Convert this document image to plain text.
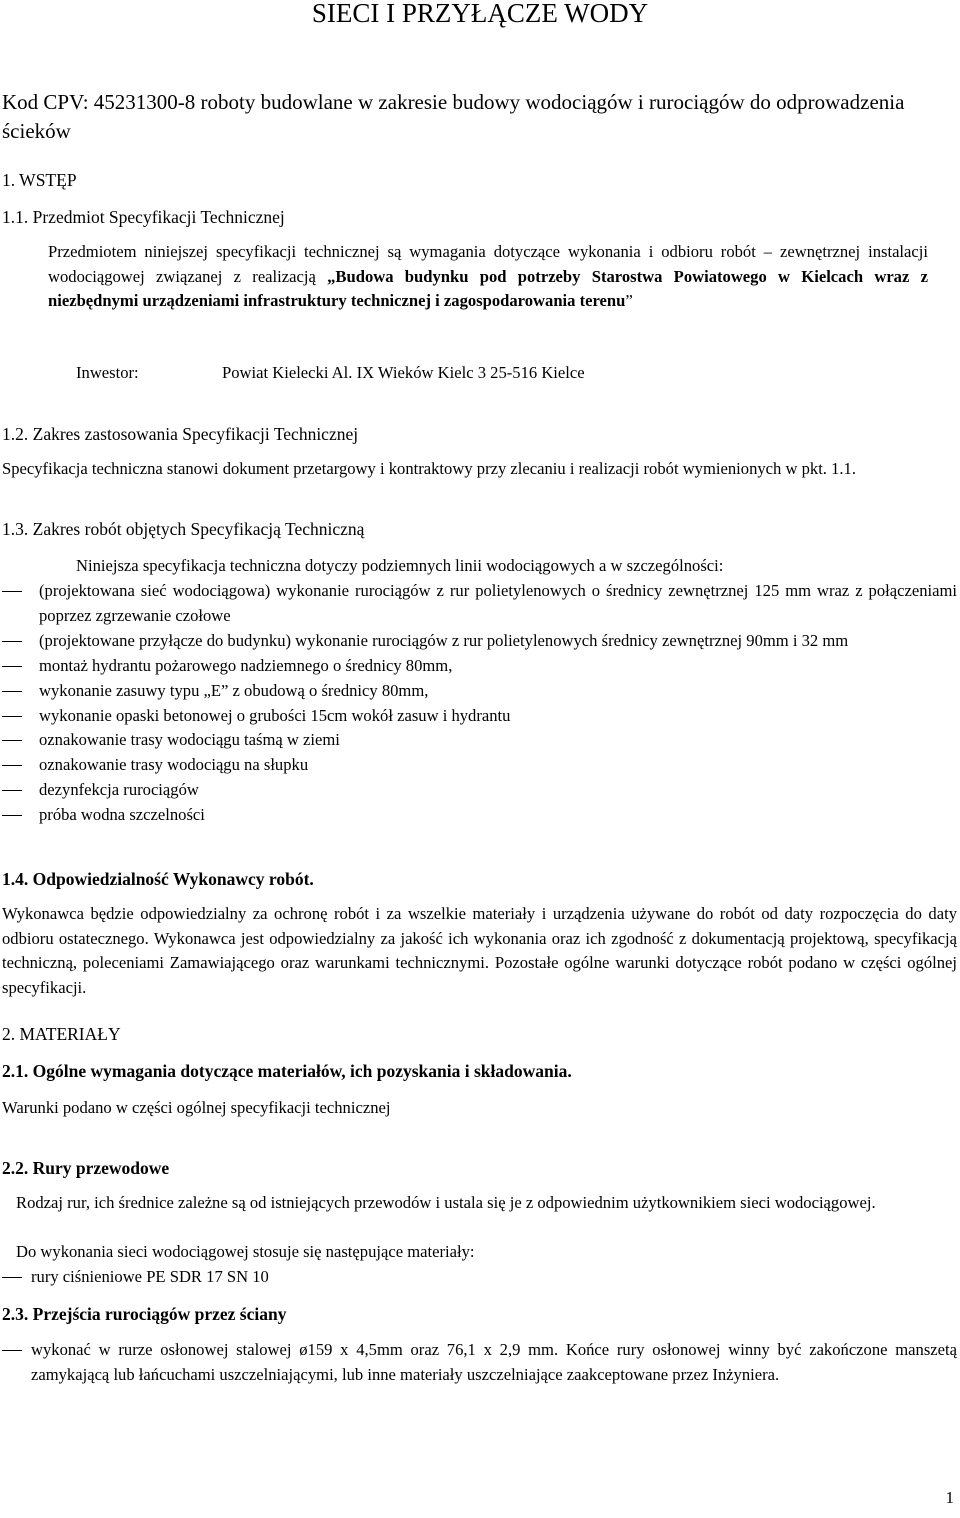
SIECI I PRZYŁĄCZE WODY
Kod CPV: 45231300-8 roboty budowlane w zakresie budowy wodociągów i rurociągów do odprowadzenia ścieków
1. WSTĘP
1.1. Przedmiot Specyfikacji Technicznej
Przedmiotem niniejszej specyfikacji technicznej są wymagania dotyczące wykonania i odbioru robót – zewnętrznej instalacji wodociągowej związanej z realizacją „Budowa budynku pod potrzeby Starostwa Powiatowego w Kielcach wraz z niezbędnymi urządzeniami infrastruktury technicznej i zagospodarowania terenu”
Inwestor:	Powiat Kielecki Al. IX Wieków Kielc 3 25-516 Kielce
1.2. Zakres zastosowania Specyfikacji Technicznej
Specyfikacja techniczna stanowi dokument przetargowy i kontraktowy przy zlecaniu i realizacji robót wymienionych w pkt. 1.1.
1.3. Zakres robót objętych Specyfikacją Techniczną
Niniejsza specyfikacja techniczna dotyczy podziemnych linii wodociągowych a w szczególności:
(projektowana sieć wodociągowa) wykonanie rurociągów z rur polietylenowych o średnicy zewnętrznej 125 mm wraz z połączeniami poprzez zgrzewanie czołowe
(projektowane przyłącze do budynku) wykonanie rurociągów z rur polietylenowych średnicy zewnętrznej 90mm i 32 mm
montaż hydrantu pożarowego nadziemnego o średnicy 80mm,
wykonanie zasuwy typu „E” z obudową o średnicy 80mm,
wykonanie opaski betonowej o grubości 15cm wokół zasuw i hydrantu
oznakowanie trasy wodociągu taśmą w ziemi
oznakowanie trasy wodociągu na słupku
dezynfekcja rurociągów
próba wodna szczelności
1.4. Odpowiedzialność Wykonawcy robót.
Wykonawca będzie odpowiedzialny za ochronę robót i za wszelkie materiały i urządzenia używane do robót od daty rozpoczęcia do daty odbioru ostatecznego. Wykonawca jest odpowiedzialny za jakość ich wykonania oraz ich zgodność z dokumentacją projektową, specyfikacją techniczną, poleceniami Zamawiającego oraz warunkami technicznymi. Pozostałe ogólne warunki dotyczące robót podano w części ogólnej specyfikacji.
2. MATERIAŁY
2.1. Ogólne wymagania dotyczące materiałów, ich pozyskania i składowania.
Warunki podano w części ogólnej specyfikacji technicznej
2.2. Rury przewodowe
Rodzaj rur, ich średnice zależne są od istniejących przewodów i ustala się je z odpowiednim użytkownikiem sieci wodociągowej.
Do wykonania sieci wodociągowej stosuje się następujące materiały:
rury ciśnieniowe PE SDR 17 SN 10
2.3. Przejścia rurociągów przez ściany
wykonać w rurze osłonowej stalowej ø159 x 4,5mm oraz 76,1 x 2,9 mm. Końce rury osłonowej winny być zakończone manszetą zamykającą lub łańcuchami uszczelniającymi, lub inne materiały uszczelniające zaakceptowane przez Inżyniera.
1
